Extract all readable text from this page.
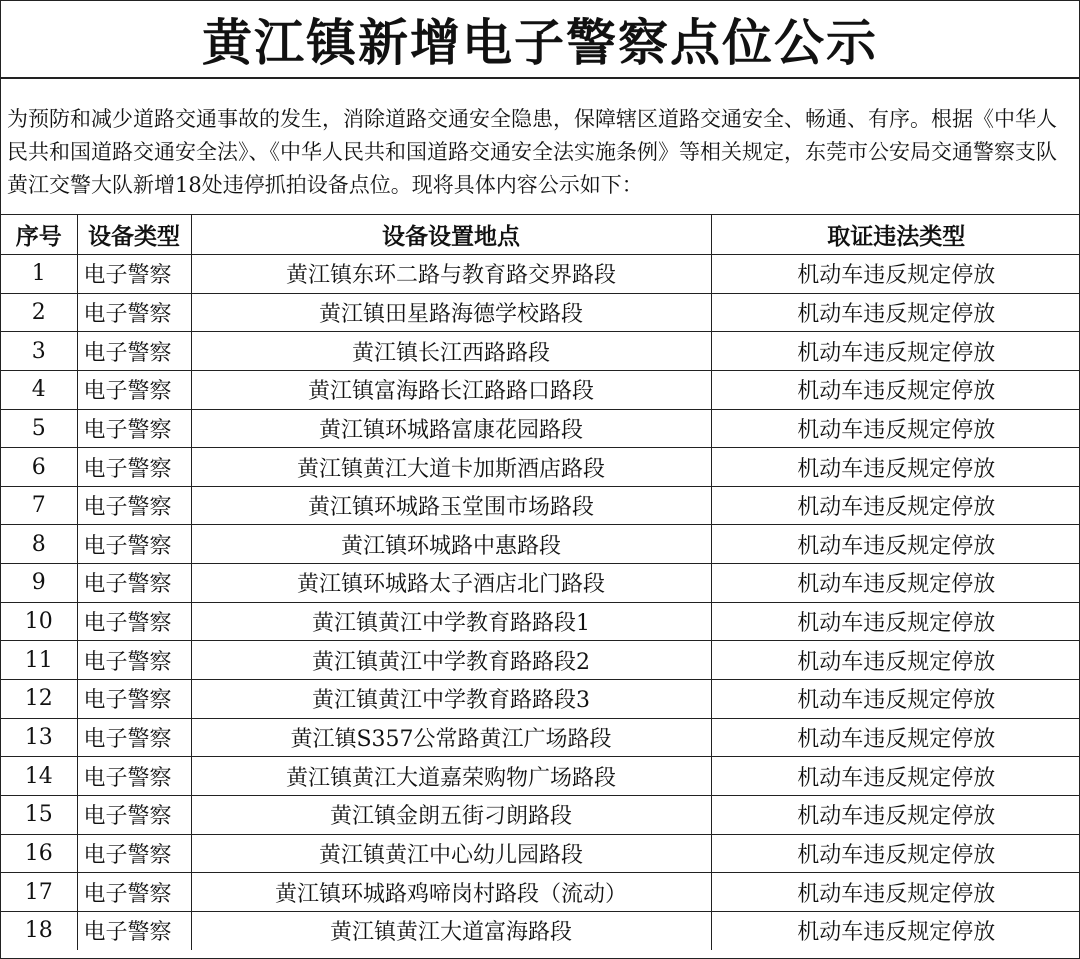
黄江镇新增电子警察点位公示
为预防和减少道路交通事故的发生，消除道路交通安全隐患，保障辖区道路交通安全、畅通、有序。根据《中华人民共和国道路交通安全法》、《中华人民共和国道路交通安全法实施条例》等相关规定，东莞市公安局交通警察支队黄江交警大队新增18处违停抓拍设备点位。现将具体内容公示如下：
序号	设备类型	设备设置地点	取证违法类型
1	电子警察	黄江镇东环二路与教育路交界路段	机动车违反规定停放
2	电子警察	黄江镇田星路海德学校路段	机动车违反规定停放
3	电子警察	黄江镇长江西路路段	机动车违反规定停放
4	电子警察	黄江镇富海路长江路路口路段	机动车违反规定停放
5	电子警察	黄江镇环城路富康花园路段	机动车违反规定停放
6	电子警察	黄江镇黄江大道卡加斯酒店路段	机动车违反规定停放
7	电子警察	黄江镇环城路玉堂围市场路段	机动车违反规定停放
8	电子警察	黄江镇环城路中惠路段	机动车违反规定停放
9	电子警察	黄江镇环城路太子酒店北门路段	机动车违反规定停放
10	电子警察	黄江镇黄江中学教育路路段1	机动车违反规定停放
11	电子警察	黄江镇黄江中学教育路路段2	机动车违反规定停放
12	电子警察	黄江镇黄江中学教育路路段3	机动车违反规定停放
13	电子警察	黄江镇S357公常路黄江广场路段	机动车违反规定停放
14	电子警察	黄江镇黄江大道嘉荣购物广场路段	机动车违反规定停放
15	电子警察	黄江镇金朗五街刁朗路段	机动车违反规定停放
16	电子警察	黄江镇黄江中心幼儿园路段	机动车违反规定停放
17	电子警察	黄江镇环城路鸡啼岗村路段（流动）	机动车违反规定停放
18	电子警察	黄江镇黄江大道富海路段	机动车违反规定停放
